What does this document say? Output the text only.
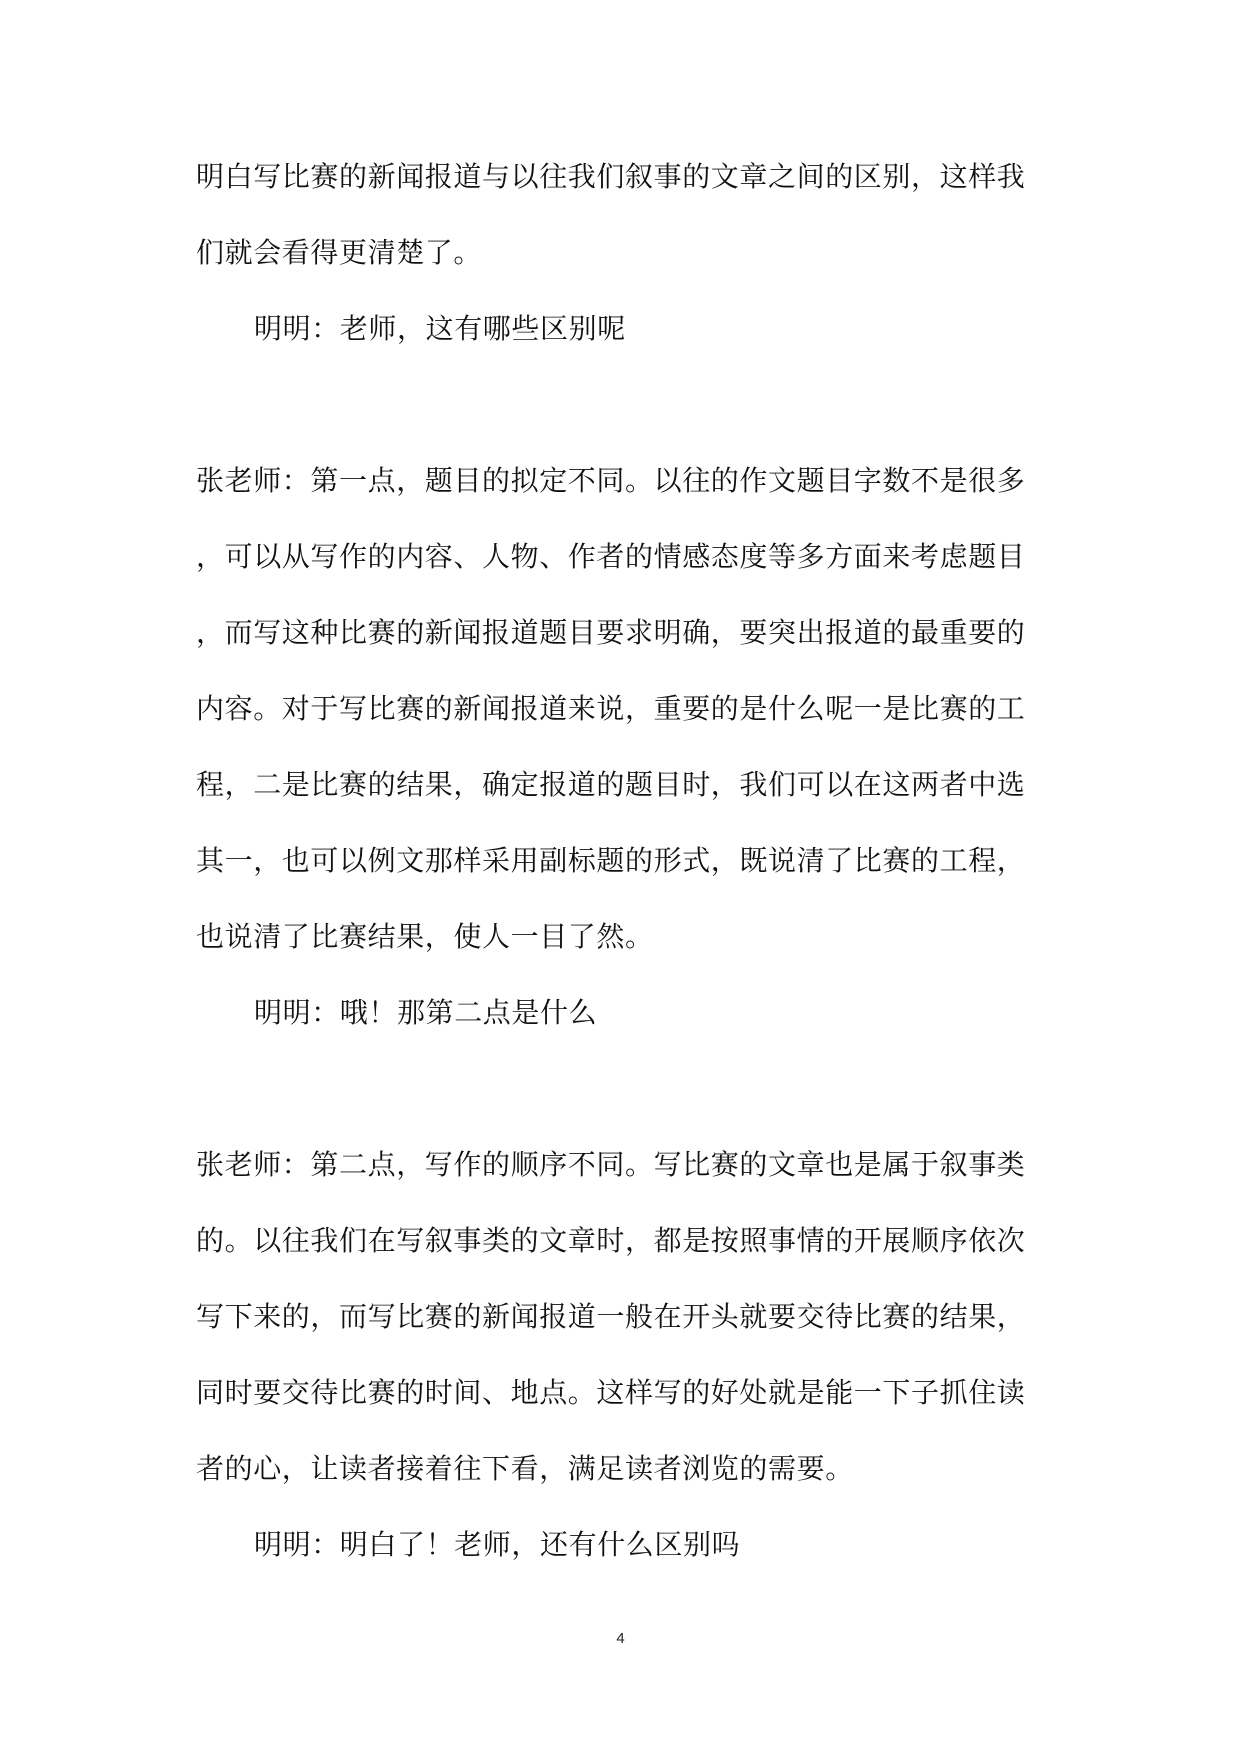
明白写比赛的新闻报道与以往我们叙事的文章之间的区别，这样我
们就会看得更清楚了。
明明：老师，这有哪些区别呢
张老师：第一点，题目的拟定不同。以往的作文题目字数不是很多
，可以从写作的内容、人物、作者的情感态度等多方面来考虑题目
，而写这种比赛的新闻报道题目要求明确，要突出报道的最重要的
内容。对于写比赛的新闻报道来说，重要的是什么呢一是比赛的工
程，二是比赛的结果，确定报道的题目时，我们可以在这两者中选
其一，也可以例文那样采用副标题的形式，既说清了比赛的工程，
也说清了比赛结果，使人一目了然。
明明：哦！那第二点是什么
张老师：第二点，写作的顺序不同。写比赛的文章也是属于叙事类
的。以往我们在写叙事类的文章时，都是按照事情的开展顺序依次
写下来的，而写比赛的新闻报道一般在开头就要交待比赛的结果，
同时要交待比赛的时间、地点。这样写的好处就是能一下子抓住读
者的心，让读者接着往下看，满足读者浏览的需要。
明明：明白了！老师，还有什么区别吗
4
